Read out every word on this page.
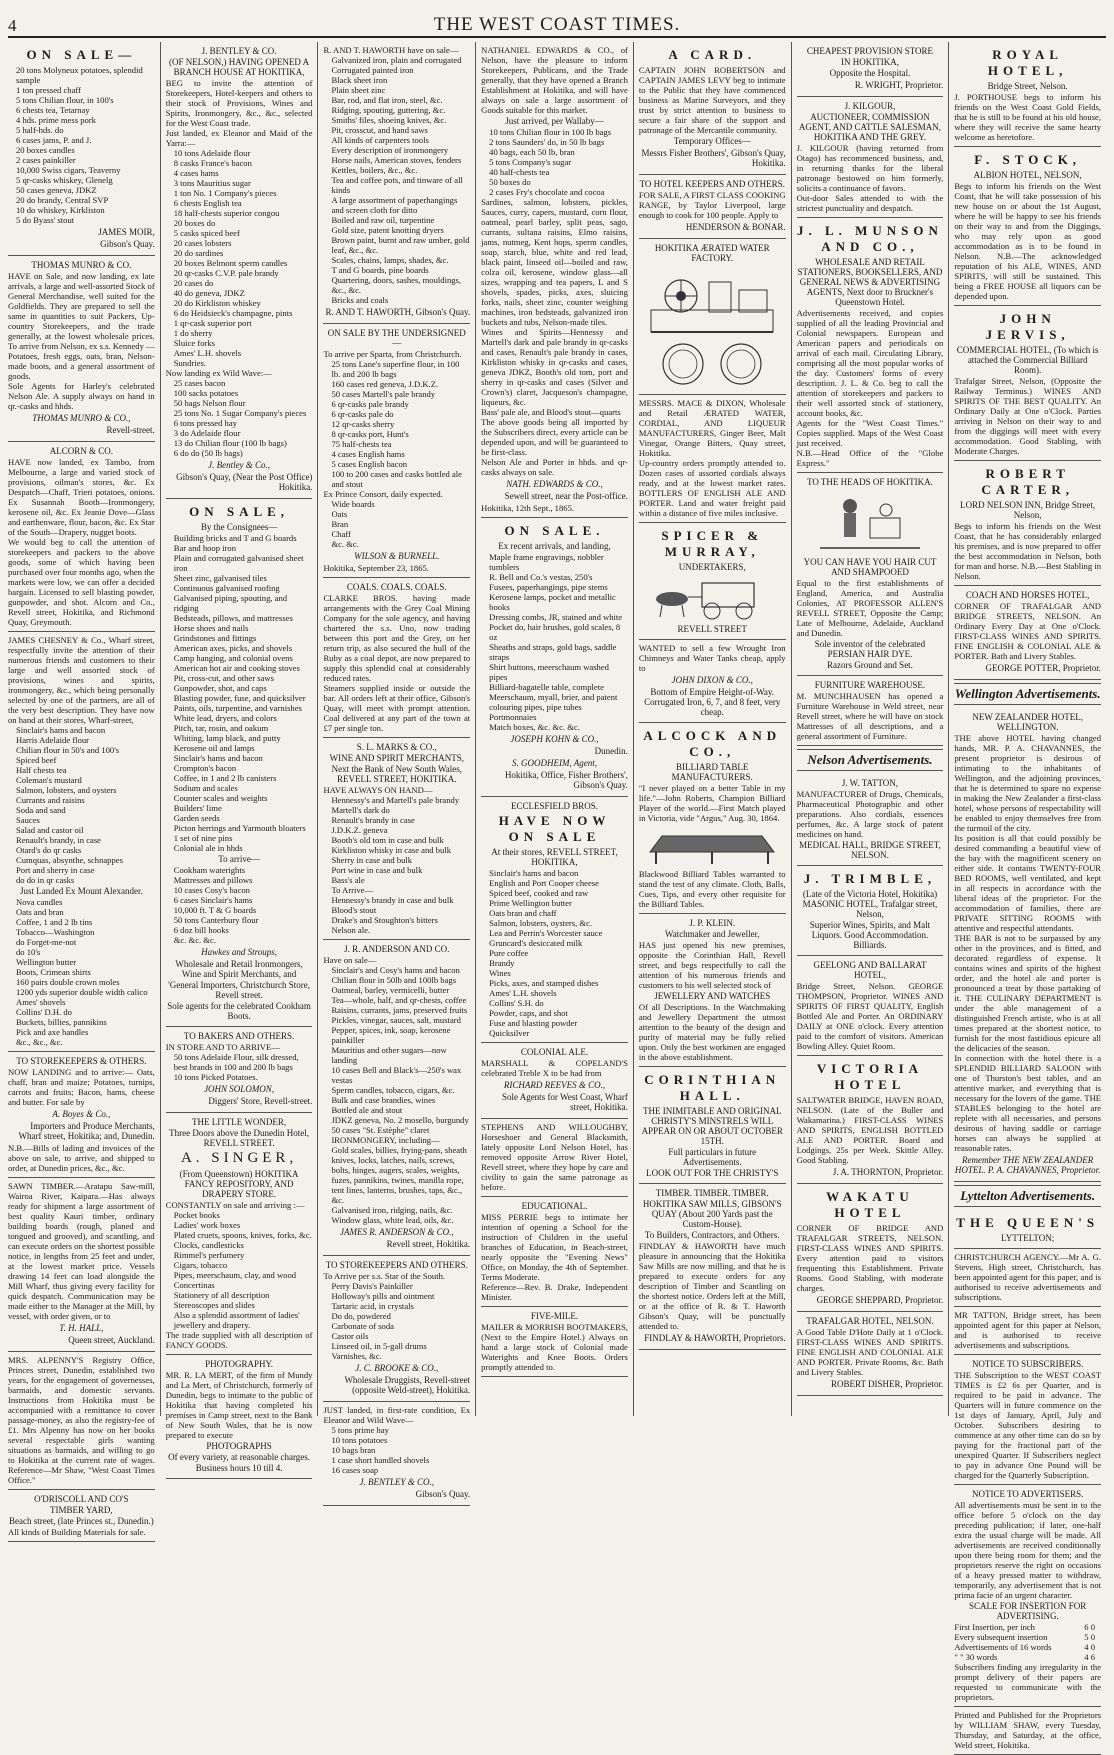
4	THE WEST COAST TIMES.
ON SALE—

20 tons Molyneux potatoes, splendid sample

1 ton pressed chaff

5 tons Chilian flour, in 100's

6 chests tea, Tetarnay

4 hds. prime mess pork

5 half-hds. do

6 cases jams, P. and J.

20 boxes candles

2 cases painkiller

10,000 Swiss cigars, Teaverny

5 qr-casks whiskey, Glenelg

50 cases geneva, JDKZ

20 do brandy, Central SVP

10 do whiskey, Kirkliston

5 do Byass' stout

JAMES MOIR,
Gibson's Quay.
THOMAS MUNRO & CO.

HAVE on Sale, and now landing, ex late arrivals, a large and well-assorted Stock of General Merchandise, well suited for the Goldfields. They are prepared to sell the same in quantities to suit Packers, Up-country Storekeepers, and the trade generally, at the lowest wholesale prices. To arrive from Nelson, ex s.s. Kennedy — Potatoes, fresh eggs, oats, bran, Nelson-made boots, and a general assortment of goods.

Sole Agents for Harley's celebrated Nelson Ale. A supply always on hand in qr.-casks and hhds.

THOMAS MUNRO & CO.,
Revell-street.
ALCORN & CO.

HAVE now landed, ex Tambo, from Melbourne, a large and varied stock of provisions, oilman's stores, &c. Ex Despatch—Chaff, Trieri potatoes, onions. Ex Susannah Booth—Ironmongery, kerosene oil, &c. Ex Jeanie Dove—Glass and earthenware, flour, bacon, &c. Ex Star of the South—Drapery, nugget boots.

We would beg to call the attention of storekeepers and packers to the above goods, some of which having been purchased over four months ago, when the markets were low, we can offer a decided bargain. Licensed to sell blasting powder, gunpowder, and shot. Alcorn and Co., Revell street, Hokitika, and Richmond Quay, Greymouth.

JAMES CHESNEY & Co., Wharf street, respectfully invite the attention of their numerous friends and customers to their large and well assorted stock of provisions, wines and spirits, ironmongery, &c., which being personally selected by one of the partners, are all of the very best description. They have now on hand at their stores, Wharf-street,

Sinclair's hams and bacon

Harris Adelaide flour

Chilian flour in 50's and 100's

Spiced beef

Half chests tea

Coleman's mustard

Salmon, lobsters, and oysters

Currants and raisins

Soda and sand

Sauces

Salad and castor oil

Renault's brandy, in case

Otard's do qr casks

Cumquas, absynthe, schnappes

Port and sherry in case

do do in qr casks

Just Landed Ex Mount Alexander.

Nova candles

Oats and bran

Coffee, 1 and 2 lb tins

Tobacco—Washington

do Forget-me-not

do 10's

Wellington butter

Boots, Crimean shirts

160 pairs double crown moles

1200 yds superior double width calico

Ames' shovels

Collins' D.H. do

Buckets, billies, pannikins

Pick and axe handles

&c., &c., &c.

TO STOREKEEPERS & OTHERS.

NOW LANDING and to arrive:— Oats, chaff, bran and maize; Potatoes, turnips, carrots and fruits; Bacon, hams, cheese and butter. For sale by

A. Boyes & Co.,
Importers and Produce Merchants, Wharf street, Hokitika; and, Dunedin.

N.B.—Bills of lading and invoices of the above on sale, to arrive, and shipped to order, at Dunedin prices, &c., &c.

SAWN TIMBER.—Aratapu Saw-mill, Wairoa River, Kaipara.—Has always ready for shipment a large assortment of best quality Kauri timber, ordinary building boards (rough, planed and tongued and grooved), and scantling, and can execute orders on the shortest possible notice, in lengths from 25 feet and under, at the lowest market price. Vessels drawing 14 feet can load alongside the Mill Wharf, thus giving every facility for quick despatch. Communication may be made either to the Manager at the Mill, by vessel, with order given, or to

T. H. HALL,
Queen street, Auckland.

MRS. ALPENNY'S Registry Office, Princes street, Dunedin, established two years, for the engagement of governesses, barmaids, and domestic servants. Instructions from Hokitika must be accompanied with a remittance to cover passage-money, as also the registry-fee of £1. Mrs Alpenny has now on her books several respectable girls wanting situations as barmaids, and willing to go to Hokitika at the current rate of wages. Reference—Mr Shaw, "West Coast Times Office."

O'DRISCOLL AND CO'S
TIMBER YARD,
Beach street, (late Princes st., Dunedin.)

All kinds of Building Materials for sale.

J. BENTLEY & CO.
(OF NELSON,) HAVING OPENED A BRANCH HOUSE AT HOKITIKA,

BEG to invite the attention of Storekeepers, Hotel-keepers and others to their stock of Provisions, Wines and Spirits, Ironmongery, &c., &c., selected for the West Coast trade.

Just landed, ex Eleanor and Maid of the Yarra:—

10 tons Adelaide flour

8 casks France's bacon

4 cases hams

3 tons Mauritius sugar

1 ton No. 1 Company's pieces

6 chests English tea

18 half-chests superior congou

20 boxes do

5 casks spiced beef

20 cases lobsters

20 do sardines

20 boxes Belmont sperm candles

20 qr-casks C.V.P. pale brandy

20 cases do

40 do geneva, JDKZ

20 do Kirkliston whiskey

6 do Heidsieck's champagne, pints

1 qr-cask superior port

1 do sherry

Sluice forks

Ames' L.H. shovels

Sundries.

Now landing ex Wild Wave:—

25 cases bacon

100 sacks potatoes

50 bags Nelson flour

25 tons No. 1 Sugar Company's pieces

6 tons pressed hay

3 do Adelaide flour

13 do Chilian flour (100 lb bags)

6 do do (50 lb bags)

J. Bentley & Co.,
Gibson's Quay, (Near the Post Office) Hokitika.
ON SALE,
By the Consignees—

Building bricks and T and G boards

Bar and hoop iron

Plain and corrugated galvanised sheet iron

Sheet zinc, galvanised tiles

Continuous galvanised roofing

Galvanised piping, spouting, and ridging

Bedsteads, pillows, and mattresses

Horse shoes and nails

Grindstones and fittings

American axes, picks, and shovels

Camp hanging, and colonial ovens

American hot air and cooking stoves

Pit, cross-cut, and other saws

Gunpowder, shot, and caps

Blasting powder, fuse, and quicksilver

Paints, oils, turpentine, and varnishes

White lead, dryers, and colors

Pitch, tar, rosin, and oakum

Whiting, lamp black, and putty

Kerosene oil and lamps

Sinclair's hams and bacon

Crompton's bacon

Coffee, in 1 and 2 lb canisters

Sodium and scales

Counter scales and weights

Builders' lime

Garden seeds

Picton herrings and Yarmouth bloaters

1 set of nine pins

Colonial ale in hhds

To arrive—

Cookham waterights

Mattresses and pillows

10 cases Cosy's bacon

6 cases Sinclair's hams

10,000 ft. T & G boards

50 tons Canterbury flour

6 doz bill hooks

&c. &c. &c.

Hawkes and Stroups,
Wholesale and Retail Ironmongers, Wine and Spirit Merchants, and
'General Importers, Christchurch Store, Revell street.
Sole agents for the celebrated Cookham Boots.
TO BAKERS AND OTHERS.

IN STORE AND TO ARRIVE—

50 tons Adelaide Flour, silk dressed, best brands in 100 and 200 lb bags

10 tons Picked Potatoes.

JOHN SOLOMON,
Diggers' Store, Revell-street.
THE LITTLE WONDER,
Three Doors above the Dunedin Hotel, REVELL STREET.
A. SINGER,
(From Queenstown) HOKITIKA FANCY REPOSITORY, AND DRAPERY STORE.

CONSTANTLY on sale and arriving :—

Pocket books

Ladies' work boxes

Plated cruets, spoons, knives, forks, &c.

Clocks, candlesticks

Rimmel's perfumery

Cigars, tobacco

Pipes, meerschaum, clay, and wood

Concertinas

Stationery of all description

Stereoscopes and slides

Also a splendid assortment of ladies' jewellery and drapery.

The trade supplied with all description of FANCY GOODS.

PHOTOGRAPHY.

MR. R. LA MERT, of the firm of Mundy and La Mert, of Christchurch, formerly of Dunedin, begs to intimate to the public of Hokitika that having completed his premises in Camp street, next to the Bank of New South Wales, that he is now prepared to execute

PHOTOGRAPHS
Of every variety, at reasonable charges.
Business hours 10 till 4.

R. AND T. HAWORTH have on sale—

Galvanized iron, plain and corrugated

Corrugated painted iron

Black sheet iron

Plain sheet zinc

Bar, rod, and flat iron, steel, &c.

Ridging, spouting, guttering, &c.

Smiths' files, shoeing knives, &c.

Pit, crosscut, and hand saws

All kinds of carpenters tools

Every description of ironmongery

Horse nails, American stoves, fenders

Kettles, boilers, &c., &c.

Tea and coffee pots, and tinware of all kinds

A large assortment of paperhangings and screen cloth for ditto

Boiled and raw oil, turpentine

Gold size, patent knotting dryers

Brown paint, burnt and raw umber, gold leaf, &c., &c.

Scales, chains, lamps, shades, &c.

T and G boards, pine boards

Quartering, doors, sashes, mouldings, &c., &c.

Bricks and coals

R. AND T. HAWORTH, Gibson's Quay.
ON SALE BY THE UNDERSIGNED—

To arrive per Sparta, from Christchurch.

25 tons Lane's superfine flour, in 100 lb. and 200 lb bags

160 cases red geneva, J.D.K.Z.

50 cases Martell's pale brandy

6 qr-casks pale brandy

6 qr-casks pale do

12 qr-casks sherry

8 qr-casks port, Hunt's

75 half-chests tea

4 cases English hams

5 cases English bacon

100 to 200 cases and casks bottled ale and stout

Ex Prince Consort, daily expected.

Wide boards

Oats

Bran

Chaff

&c. &c.

WILSON & BURNELL.
Hokitika, September 23, 1865.
COALS. COALS. COALS.

CLARKE BROS. having made arrangements with the Grey Coal Mining Company for the sole agency, and having chartered the s.s. Uno, now trading between this port and the Grey, on her return trip, as also secured the hull of the Ruby as a coal depot, are now prepared to supply this splendid coal at considerably reduced rates.

Steamers supplied inside or outside the bar. All orders left at their office, Gibson's Quay, will meet with prompt attention. Coal delivered at any part of the town at £7 per single ton.

S. L. MARKS & CO.,
WINE AND SPIRIT MERCHANTS,
Next the Bank of New South Wales, REVELL STREET, HOKITIKA.

HAVE ALWAYS ON HAND—

Hennessy's and Martell's pale brandy

Martell's dark do

Renault's brandy in case

J.D.K.Z. geneva

Booth's old tom in case and bulk

Kirkliston whisky in case and bulk

Sherry in case and bulk

Port wine in case and bulk

Bass's ale

To Arrive—

Hennessy's brandy in case and bulk

Blood's stout

Drake's and Stoughton's bitters

Nelson ale.

J. R. ANDERSON AND CO.

Have on sale—

Sinclair's and Cosy's hams and bacon

Chilian flour in 50lb and 100lb bags

Oatmeal, barley, vermicelli, butter

Tea—whole, half, and qr-chests, coffee

Raisins, currants, jams, preserved fruits

Pickles, vinegar, sauces, salt, mustard

Pepper, spices, ink, soap, kerosene painkiller

Mauritius and other sugars—now landing

10 cases Bell and Black's—250's wax vestas

Sperm candles, tobacco, cigars, &c.

Bulk and case brandies, wines

Bottled ale and stout

JDKZ geneva, No. 2 mosello, burgundy

50 cases "St. Estèphe" claret

IRONMONGERY, including—

Gold scales, billies, frying-pans, sheath knives, locks, latches, nails, screws, bolts, hinges, augers, scales, weights, fuzes, pannikins, twines, manilla rope, tent lines, lanterns, brushes, taps, &c., &c.

Galvanised iron, ridging, nails, &c.

Window glass, white lead, oils, &c.

JAMES R. ANDERSON & CO.,
Revell street, Hokitika.
TO STOREKEEPERS AND OTHERS.

To Arrive per s.s. Star of the South.

Perry Davis's Painkiller

Holloway's pills and ointment

Tartaric acid, in crystals

Do do, powdered

Carbonate of soda

Castor oils

Linseed oil, in 5-gall drums

Varnishes, &c.

J. C. BROOKE & CO.,
Wholesale Druggists, Revell-street (opposite Weld-street), Hokitika.

JUST landed, in first-rate condition, Ex Eleanor and Wild Wave—

5 tons prime hay

10 tons potatoes

10 bags bran

1 case short handled shovels

16 cases soap

J. BENTLEY & CO.,
Gibson's Quay.

NATHANIEL EDWARDS & CO., of Nelson, have the pleasure to inform Storekeepers, Publicans, and the Trade generally, that they have opened a Branch Establishment at Hokitika, and will have always on sale a large assortment of Goods suitable for this market.

Just arrived, per Wallaby—

10 tons Chilian flour in 100 lb bags

2 tons Saunders' do, in 50 lb bags

40 bags, each 50 lb, bran

5 tons Company's sugar

40 half-chests tea

50 boxes do

2 cases Fry's chocolate and cocoa

Sardines, salmon, lobsters, pickles, Sauces, curry, capers, mustard, corn flour, oatmeal, pearl barley, split peas, sago, currants, sultana raisins, Elmo raisins, jams, nutmeg, Kent hops, sperm candles, soap, starch, blue, white and red lead, black paint, linseed oil—boiled and raw, colza oil, kerosene, window glass—all sizes, wrapping and tea papers, L and S shovels, spades, picks, axes, sluicing forks, nails, sheet zinc, counter weighing machines, iron bedsteads, galvanized iron buckets and tubs, Nelson-made tiles.

Wines and Spirits—Hennessy and Martell's dark and pale brandy in qr-casks and cases, Renault's pale brandy in cases, Kirkliston whisky in qr-casks and cases, geneva JDKZ, Booth's old tom, port and sherry in qr-casks and cases (Silver and Crown's) claret, Jacqueson's champagne, liqueurs, &c.

Bass' pale ale, and Blood's stout—quarts

The above goods being all imported by the Subscribers direct, every article can be depended upon, and will be guaranteed to be first-class.

Nelson Ale and Porter in hhds. and qr-casks always on sale.

NATH. EDWARDS & CO.,
Sewell street, near the Post-office.
Hokitika, 12th Sept., 1865.
ON SALE.
Ex recent arrivals, and landing,

Maple frame engravings, nobbler tumblers

R. Bell and Co.'s vestas, 250's

Fusees, paperhangings, pipe stems

Kerosene lamps, pocket and metallic books

Dressing combs, JR, stained and white

Pocket do, hair brushes, gold scales, 8 oz

Sheaths and straps, gold bags, saddle straps

Shirt buttons, meerschaum washed pipes

Billiard-bagatelle table, complete

Meerschaum, myall, brier, and patent colouring pipes, pipe tubes

Portmonnaies

Match boxes, &c. &c. &c.

JOSEPH KOHN & CO.,
Dunedin.
S. GOODHEIM, Agent,
Hokitika, Office, Fisher Brothers', Gibson's Quay.
ECCLESFIELD BROS.
HAVE NOW ON SALE
At their stores, REVELL STREET, HOKITIKA,

Sinclair's hams and bacon

English and Port Cooper cheese

Spiced beef, cooked and raw

Prime Wellington butter

Oats bran and chaff

Salmon, lobsters, oysters, &c.

Lea and Perrin's Worcester sauce

Gruncard's desiccated milk

Pure coffee

Brandy

Wines

Picks, axes, and stamped dishes

Ames' L.H. shovels

Collins' S.H. do

Powder, caps, and shot

Fuse and blasting powder

Quicksilver

COLONIAL ALE.

MARSHALL & COPELAND'S celebrated Treble X to be had from

RICHARD REEVES & CO.,
Sole Agents for West Coast, Wharf street, Hokitika.

STEPHENS AND WILLOUGHBY, Horseshoer and General Blacksmith, lately opposite Lord Nelson Hotel, has removed opposite Arrow River Hotel, Revell street, where they hope by care and civility to gain the same patronage as before.

EDUCATIONAL.

MISS PERRIE begs to intimate her intention of opening a School for the instruction of Children in the useful branches of Education, in Beach-street, nearly opposite the "Evening News" Office, on Monday, the 4th of September. Terms Moderate.

Reference—Rev. B. Drake, Independent Minister.

FIVE-MILE.

MAILER & MORRISH BOOTMAKERS, (Next to the Empire Hotel.) Always on hand a large stock of Colonial made Waterights and Knee Boots. Orders promptly attended to.

A CARD.

CAPTAIN JOHN ROBERTSON and CAPTAIN JAMES LEVY beg to intimate to the Public that they have commenced business as Marine Surveyors, and they trust by strict attention to business to secure a fair share of the support and patronage of the Mercantile community.

Temporary Offices—
Messrs Fisher Brothers', Gibson's Quay, Hokitika.
TO HOTEL KEEPERS AND OTHERS.

FOR SALE, A FIRST CLASS COOKING RANGE, by Taylor Liverpool, large enough to cook for 100 people. Apply to

HENDERSON & BONAR.
HOKITIKA ÆRATED WATER FACTORY.

MESSRS. MACE & DIXON, Wholesale and Retail ÆRATED WATER, CORDIAL, AND LIQUEUR MANUFACTURERS, Ginger Beer, Malt Vinegar, Orange Bitters, Quay street, Hokitika.

Up-country orders promptly attended to. Dozen cases of assorted cordials always ready, and at the lowest market rates. BOTTLERS OF ENGLISH ALE AND PORTER. Land and water freight paid within a distance of five miles inclusive.

SPICER & MURRAY,
UNDERTAKERS,
REVELL STREET

WANTED to sell a few Wrought Iron Chimneys and Water Tanks cheap, apply to

JOHN DIXON & CO.,
Bottom of Empire Height-of-Way. Corrugated Iron, 6, 7, and 8 feet, very cheap.
ALCOCK AND CO.,
BILLIARD TABLE MANUFACTURERS.

"I never played on a better Table in my life."—John Roberts, Champion Billiard Player of the world.—First Match played in Victoria, vide "Argus," Aug. 30, 1864.

Blackwood Billiard Tables warranted to stand the test of any climate. Cloth, Balls, Cues, Tips, and every other requisite for the Billiard Tables.

J. P. KLEIN.
Watchmaker and Jeweller,

HAS just opened his new premises, opposite the Corinthian Hall, Revell street, and begs respectfully to call the attention of his numerous friends and customers to his well selected stock of

JEWELLERY AND WATCHES

Of all Descriptions. In the Watchmaking and Jewellery Department the utmost attention to the beauty of the design and purity of material may be fully relied upon. Only the best workmen are engaged in the above establishment.

CORINTHIAN HALL.
THE INIMITABLE AND ORIGINAL CHRISTY'S MINSTRELS WILL APPEAR ON OR ABOUT OCTOBER 15TH.
Full particulars in future Advertisements.
LOOK OUT FOR THE CHRISTY'S
TIMBER. TIMBER. TIMBER.
HOKITIKA SAW MILLS, GIBSON'S QUAY (About 200 Yards past the Custom-House).
To Builders, Contractors, and Others.

FINDLAY & HAWORTH have much pleasure in announcing that the Hokitika Saw Mills are now milling, and that he is prepared to execute orders for any description of Timber and Scantling on the shortest notice. Orders left at the Mill, or at the office of R. & T. Haworth Gibson's Quay, will be punctually attended to.

FINDLAY & HAWORTH, Proprietors.
CHEAPEST PROVISION STORE
IN HOKITIKA,
Opposite the Hospital.
R. WRIGHT, Proprietor.
J. KILGOUR,
AUCTIONEER, COMMISSION AGENT, AND CATTLE SALESMAN, HOKITIKA AND THE GREY.

J. KILGOUR (having returned from Otago) has recommenced business, and, in returning thanks for the liberal patronage bestowed on him formerly, solicits a continuance of favors.

Out-door Sales attended to with the strictest punctuality and despatch.

J. L. MUNSON AND CO.,
WHOLESALE AND RETAIL STATIONERS, BOOKSELLERS, AND GENERAL NEWS & ADVERTISING AGENTS, Next door to Bruckner's Queenstown Hotel.

Advertisements received, and copies supplied of all the leading Provincial and Colonial newspapers. European and American papers and periodicals on arrival of each mail. Circulating Library, comprising all the most popular works of the day. Customers' forms of every description. J. L. & Co. beg to call the attention of storekeepers and packers to their well assorted stock of stationery, account books, &c.

Agents for the "West Coast Times." Copies supplied. Maps of the West Coast just received.

N.B.—Head Office of the "Globe Express."

TO THE HEADS OF HOKITIKA.
YOU CAN HAVE YOU HAIR CUT AND SHAMPOOED

Equal to the first establishments of England, America, and Australia Colonies, AT PROFESSOR ALLEN'S REVELL STREET, Opposite the Camp; Late of Melbourne, Adelaide, Auckland and Dunedin.

Sole inventor of the celebrated PERSIAN HAIR DYE.
Razors Ground and Set.
FURNITURE WAREHOUSE.

M. MUNCHHAUSEN has opened a Furniture Warehouse in Weld street, near Revell street, where he will have on stock Mattresses of all descriptions, and a general assortment of Furniture.

Nelson Advertisements.
J. W. TATTON,

MANUFACTURER of Drugs, Chemicals, Pharmaceutical Photographic and other preparations. Also cordials, essences perfumes, &c. A large stock of patent medicines on hand.

MEDICAL HALL, BRIDGE STREET, NELSON.
J. TRIMBLE,
(Late of the Victoria Hotel, Hokitika) MASONIC HOTEL, Trafalgar street, Nelson,
Superior Wines, Spirits, and Malt Liquors. Good Accommodation. Billiards.
GEELONG AND BALLARAT HOTEL,

Bridge Street, Nelson. GEORGE THOMPSON, Proprietor. WINES AND SPIRITS OF FIRST QUALITY, English Bottled Ale and Porter. An ORDINARY DAILY at ONE o'clock. Every attention paid to the comfort of visitors. American Bowling Alley. Quiet Room.

VICTORIA HOTEL

SALTWATER BRIDGE, HAVEN ROAD, NELSON. (Late of the Buller and Wakamarina.) FIRST-CLASS WINES AND SPIRITS, ENGLISH BOTTLED ALE AND PORTER. Board and Lodgings, 25s per Week. Skittle Alley. Good Stabling.

J. A. THORNTON, Proprietor.
WAKATU HOTEL

CORNER OF BRIDGE AND TRAFALGAR STREETS, NELSON. FIRST-CLASS WINES AND SPIRITS. Every attention paid to visitors frequenting this Establishment. Private Rooms. Good Stabling, with moderate charges.

GEORGE SHEPPARD, Proprietor.
TRAFALGAR HOTEL, NELSON.

A Good Table D'Hote Daily at 1 o'Clock. FIRST-CLASS WINES AND SPIRITS. FINE ENGLISH AND COLONIAL ALE AND PORTER. Private Rooms, &c. Bath and Livery Stables.

ROBERT DISHER, Proprietor.
ROYAL HOTEL,
Bridge Street, Nelson.

J. PORTHOUSE begs to inform his friends on the West Coast Gold Fields, that he is still to be found at his old house, where they will receive the same hearty welcome as heretofore.

F. STOCK,
ALBION HOTEL, NELSON,

Begs to inform his friends on the West Coast, that he will take possession of his new house on or about the 1st August, where he will be happy to see his friends on their way to and from the Diggings, who may rely upon as good accommodation as is to be found in Nelson. N.B.—The acknowledged reputation of his ALE, WINES, AND SPIRITS, will still be sustained. This being a FREE HOUSE all liquors can be depended upon.

JOHN JERVIS,
COMMERCIAL HOTEL, (To which is attached the Commercial Billiard Room).

Trafalgar Street, Nelson, (Opposite the Railway Terminus.) WINES AND SPIRITS OF THE BEST QUALITY. An Ordinary Daily at One o'Clock. Parties arriving in Nelson on their way to and from the diggings will meet with every accommodation. Good Stabling, with Moderate Charges.

ROBERT CARTER,
LORD NELSON INN, Bridge Street, Nelson,

Begs to inform his friends on the West Coast, that he has considerably enlarged his premises, and is now prepared to offer the best accommodation in Nelson, both for man and horse. N.B.—Best Stabling in Nelson.

COACH AND HORSES HOTEL,

CORNER OF TRAFALGAR AND BRIDGE STREETS, NELSON. An Ordinary Every Day at One o'Clock. FIRST-CLASS WINES AND SPIRITS. FINE ENGLISH & COLONIAL ALE & PORTER. Bath and Livery Stables.

GEORGE POTTER, Proprietor.
Wellington Advertisements.
NEW ZEALANDER HOTEL, WELLINGTON.

THE above HOTEL having changed hands, MR. P. A. CHAVANNES, the present proprietor is desirous of intimating to the inhabitants of Wellington, and the adjoining provinces, that he is determined to spare no expense in making the New Zealander a first-class hotel, whose persons of respectability will be enabled to enjoy themselves free from the turmoil of the city.

Its position is all that could possibly be desired commanding a beautiful view of the bay with the magnificent scenery on either side. It contains TWENTY-FOUR BED ROOMS, well ventilated, and kept in all respects in accordance with the liberal ideas of the proprietor. For the accommodation of families, there are PRIVATE SITTING ROOMS with attentive and respectful attendants.

THE BAR is not to be surpassed by any other in the provinces, and is fitted, and decorated regardless of expense. It contains wines and spirits of the highest order, and the hotel ale and porter is pronounced a treat by those partaking of it. THE CULINARY DEPARTMENT is under the able management of a distinguished French artiste, who is at all times prepared at the shortest notice, to furnish for the most fastidious epicure all the delicacies of the season.

In connection with the hotel there is a SPLENDID BILLIARD SALOON with one of Thurston's best tables, and an attentive marker, and everything that is necessary for the lovers of the game. THE STABLES belonging to the hotel are replete with all necessaries, and persons desirous of having saddle or carriage horses can always be supplied at reasonable rates.

Remember THE NEW ZEALANDER HOTEL. P. A. CHAVANNES, Proprietor.
Lyttelton Advertisements.
THE QUEEN'S
LYTTELTON;

CHRISTCHURCH AGENCY.—Mr A. G. Stevens, High street, Christchurch, has been appointed agent for this paper, and is authorised to receive advertisements and subscriptions.

MR TATTON, Bridge street, has been appointed agent for this paper at Nelson, and is authorised to receive advertisements and subscriptions.

NOTICE TO SUBSCRIBERS.

THE Subscription to the WEST COAST TIMES is £2 6s per Quarter, and is required to be paid in advance. The Quarters will in future commence on the 1st days of January, April, July and October. Subscribers desiring to commence at any other time can do so by paying for the fractional part of the unexpired Quarter. If Subscribers neglect to pay in advance One Pound will be charged for the Quarterly Subscription.

NOTICE TO ADVERTISERS.

All advertisements must be sent in to the office before 5 o'clock on the day preceding publication; if later, one-half extra the usual charge will be made. All advertisements are received conditionally upon there being room for them; and the proprietors reserve the right on occasions of a heavy pressed matter to withdraw, temporarily, any advertisement that is not prima facie of an urgent character.

SCALE FOR INSERTION FOR ADVERTISING.
First Insertion, per inch	6 0
Every subsequent insertion	5 0
Advertisements of 16 words	4 0
" " 30 words	4 6

Subscribers finding any irregularity in the prompt delivery of their papers are requested to communicate with the proprietors.

Printed and Published for the Proprietors by WILLIAM SHAW, every Tuesday, Thursday, and Saturday, at the office, Weld street, Hokitika.
